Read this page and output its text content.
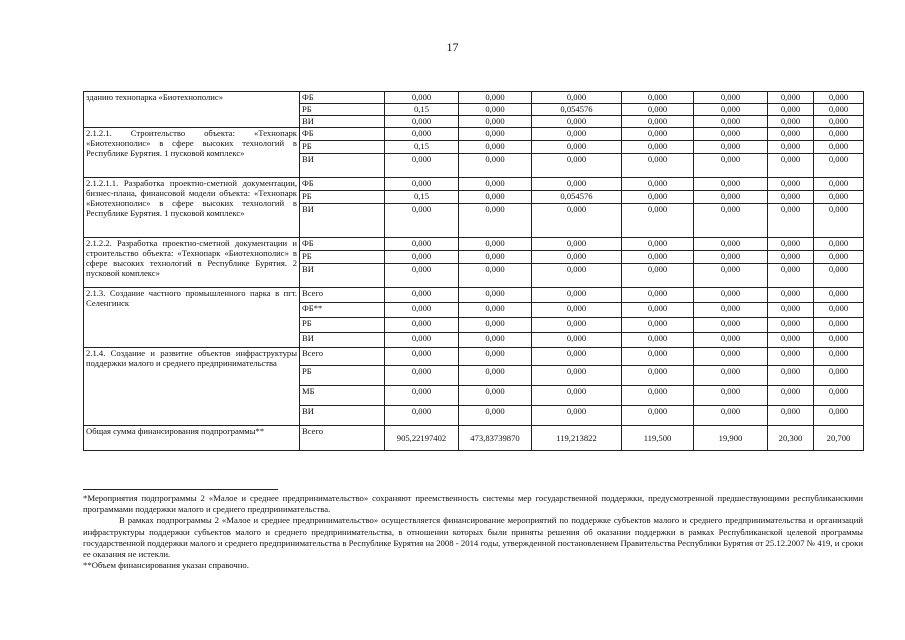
17
зданию технопарка «Биотехнополис»	ФБ	0,000	0,000	0,000	0,000	0,000	0,000	0,000
	РБ	0,15	0,000	0,054576	0,000	0,000	0,000	0,000
	ВИ	0,000	0,000	0,000	0,000	0,000	0,000	0,000
2.1.2.1. Строительство объекта: «Технопарк «Биотехнополис» в сфере высоких технологий в Республике Бурятия. 1 пусковой комплекс»	ФБ	0,000	0,000	0,000	0,000	0,000	0,000	0,000
	РБ	0,15	0,000	0,000	0,000	0,000	0,000	0,000
	ВИ	0,000	0,000	0,000	0,000	0,000	0,000	0,000
2.1.2.1.1. Разработка проектно-сметной документации, бизнес-плана, финансовой модели объекта: «Технопарк «Биотехнополис» в сфере высоких технологий в Республике Бурятия. 1 пусковой комплекс»	ФБ	0,000	0,000	0,000	0,000	0,000	0,000	0,000
	РБ	0,15	0,000	0,054576	0,000	0,000	0,000	0,000
	ВИ	0,000	0,000	0,000	0,000	0,000	0,000	0,000
2.1.2.2. Разработка проектно-сметной документации и строительство объекта: «Технопарк «Биотехнополис» в сфере высоких технологий в Республике Бурятия. 2 пусковой комплекс»	ФБ	0,000	0,000	0,000	0,000	0,000	0,000	0,000
	РБ	0,000	0,000	0,000	0,000	0,000	0,000	0,000
	ВИ	0,000	0,000	0,000	0,000	0,000	0,000	0,000
2.1.3. Создание частного промышленного парка в пгт. Селенгинск	Всего	0,000	0,000	0,000	0,000	0,000	0,000	0,000
	ФБ**	0,000	0,000	0,000	0,000	0,000	0,000	0,000
	РБ	0,000	0,000	0,000	0,000	0,000	0,000	0,000
	ВИ	0,000	0,000	0,000	0,000	0,000	0,000	0,000
2.1.4. Создание и развитие объектов инфраструктуры поддержки малого и среднего предпринимательства	Всего	0,000	0,000	0,000	0,000	0,000	0,000	0,000
	РБ	0,000	0,000	0,000	0,000	0,000	0,000	0,000
	МБ	0,000	0,000	0,000	0,000	0,000	0,000	0,000
	ВИ	0,000	0,000	0,000	0,000	0,000	0,000	0,000
Общая сумма финансирования подпрограммы**	Всего	905,22197402	473,83739870	119,213822	119,500	19,900	20,300	20,700

*Мероприятия подпрограммы 2 «Малое и среднее предпринимательство» сохраняют преемственность системы мер государственной поддержки, предусмотренной предшествующими республиканскими программами поддержки малого и среднего предпринимательства.

В рамках подпрограммы 2 «Малое и среднее предпринимательство» осуществляется финансирование мероприятий по поддержке субъектов малого и среднего предпринимательства и организаций инфраструктуры поддержки субъектов малого и среднего предпринимательства, в отношении которых были приняты решения об оказании поддержки в рамках Республиканской целевой программы государственной поддержки малого и среднего предпринимательства в Республике Бурятия на 2008 - 2014 годы, утвержденной постановлением Правительства Республики Бурятия от 25.12.2007 № 419, и сроки ее оказания не истекли.

**Объем финансирования указан справочно.
